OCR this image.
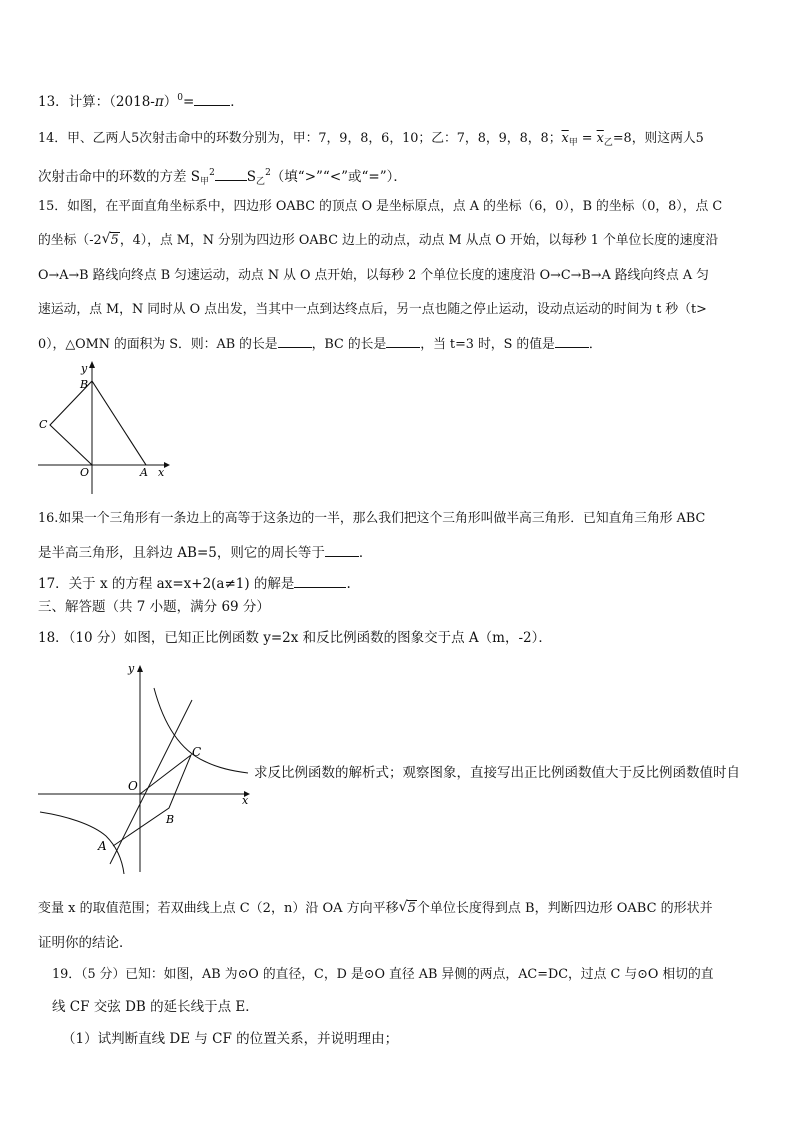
13．计算：$(2018-\pi)^0=$	．
14．甲、乙两人5次射击命中的环数分别为，甲：7，9，8，6，10；乙：7，8，9，8，8；$\overline{x}_甲 = \overline{x}_乙=8$，则这两人5
次射击命中的环数的方差 $S_甲^2$ $S_乙^2$（填“>”“<”或“=”）．
15．如图，在平面直角坐标系中，四边形 OABC 的顶点 O 是坐标原点，点 A 的坐标（6，0），B 的坐标（0，8），点 C
的坐标（-2 √ 5，4），点 M，N 分别为四边形 OABC 边上的动点，动点 M 从点 O 开始，以每秒 1 个单位长度的速度沿
O→A→B 路线向终点 B 匀速运动，动点 N 从 O 点开始，以每秒 2 个单位长度的速度沿 O→C→B→A 路线向终点 A 匀
速运动，点 M，N 同时从 O 点出发，当其中一点到达终点后，另一点也随之停止运动，设动点运动的时间为 t 秒（t>
0），△OMN 的面积为 S．则：AB 的长是	，BC 的长是	，当 t=3 时，S 的值是	．
y
x
B
C
O	A
16.如果一个三角形有一条边上的高等于这条边的一半，那么我们把这个三角形叫做半高三角形．已知直角三角形 ABC
是半高三角形，且斜边 AB=5，则它的周长等于	．
17．关于 x 的方程 ax=x+2(a≠1) 的解是	.
三、解答题（共 7 小题，满分 69 分）
18．（10 分）如图，已知正比例函数 y=2x 和反比例函数的图象交于点 A（m，-2）．
y
x
O
C
B
A
求反比例函数的解析式；观察图象，直接写出正比例函数值大于反比例函数值时自
变量 x 的取值范围；若双曲线上点 C（2，n）沿 OA 方向平移 √ 5个单位长度得到点 B，判断四边形 OABC 的形状并
证明你的结论．
19．（5 分）已知：如图，AB 为⊙O 的直径，C，D 是⊙O 直径 AB 异侧的两点，AC=DC，过点 C 与⊙O 相切的直
线 CF 交弦 DB 的延长线于点 E．
（1）试判断直线 DE 与 CF 的位置关系，并说明理由；
